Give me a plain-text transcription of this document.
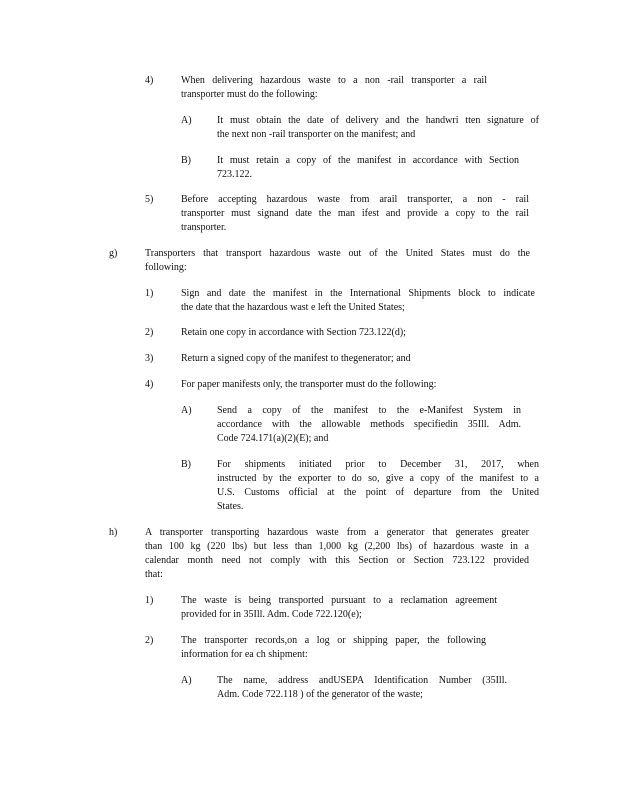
4)	When delivering hazardous waste to a non -rail transporter a rail
transporter must do the following:
A)	It must obtain the date of delivery and the handwri tten signature of
the next non -rail transporter on the manifest; and
B)	It must retain a copy of the manifest in accordance with Section
723.122.
5)	Before accepting hazardous waste from arail transporter, a non - rail
transporter must signand date the man ifest and provide a copy to the rail
transporter.
g)	Transporters that transport hazardous waste out of the United States must do the
following:
1)	Sign and date the manifest in the International Shipments block to indicate
the date that the hazardous wast e left the United States;
2)	Retain one copy in accordance with Section 723.122(d);
3)	Return a signed copy of the manifest to thegenerator; and
4)	For paper manifests only, the transporter must do the following:
A)	Send a copy of the manifest to the e-Manifest System in
accordance with the allowable methods specifiedin 35Ill. Adm.
Code 724.171(a)(2)(E); and
B)	For shipments initiated prior to December 31, 2017, when
instructed by the exporter to do so, give a copy of the manifest to a
U.S. Customs official at the point of departure from the United
States.
h)	A transporter transporting hazardous waste from a generator that generates greater
than 100 kg (220 lbs) but less than 1,000 kg (2,200 lbs) of hazardous waste in a
calendar month need not comply with this Section or Section 723.122 provided
that:
1)	The waste is being transported pursuant to a reclamation agreement
provided for in 35Ill. Adm. Code 722.120(e);
2)	The transporter records,on a log or shipping paper, the following
information for ea ch shipment:
A)	The name, address andUSEPA Identification Number (35Ill.
Adm. Code 722.118 ) of the generator of the waste;
